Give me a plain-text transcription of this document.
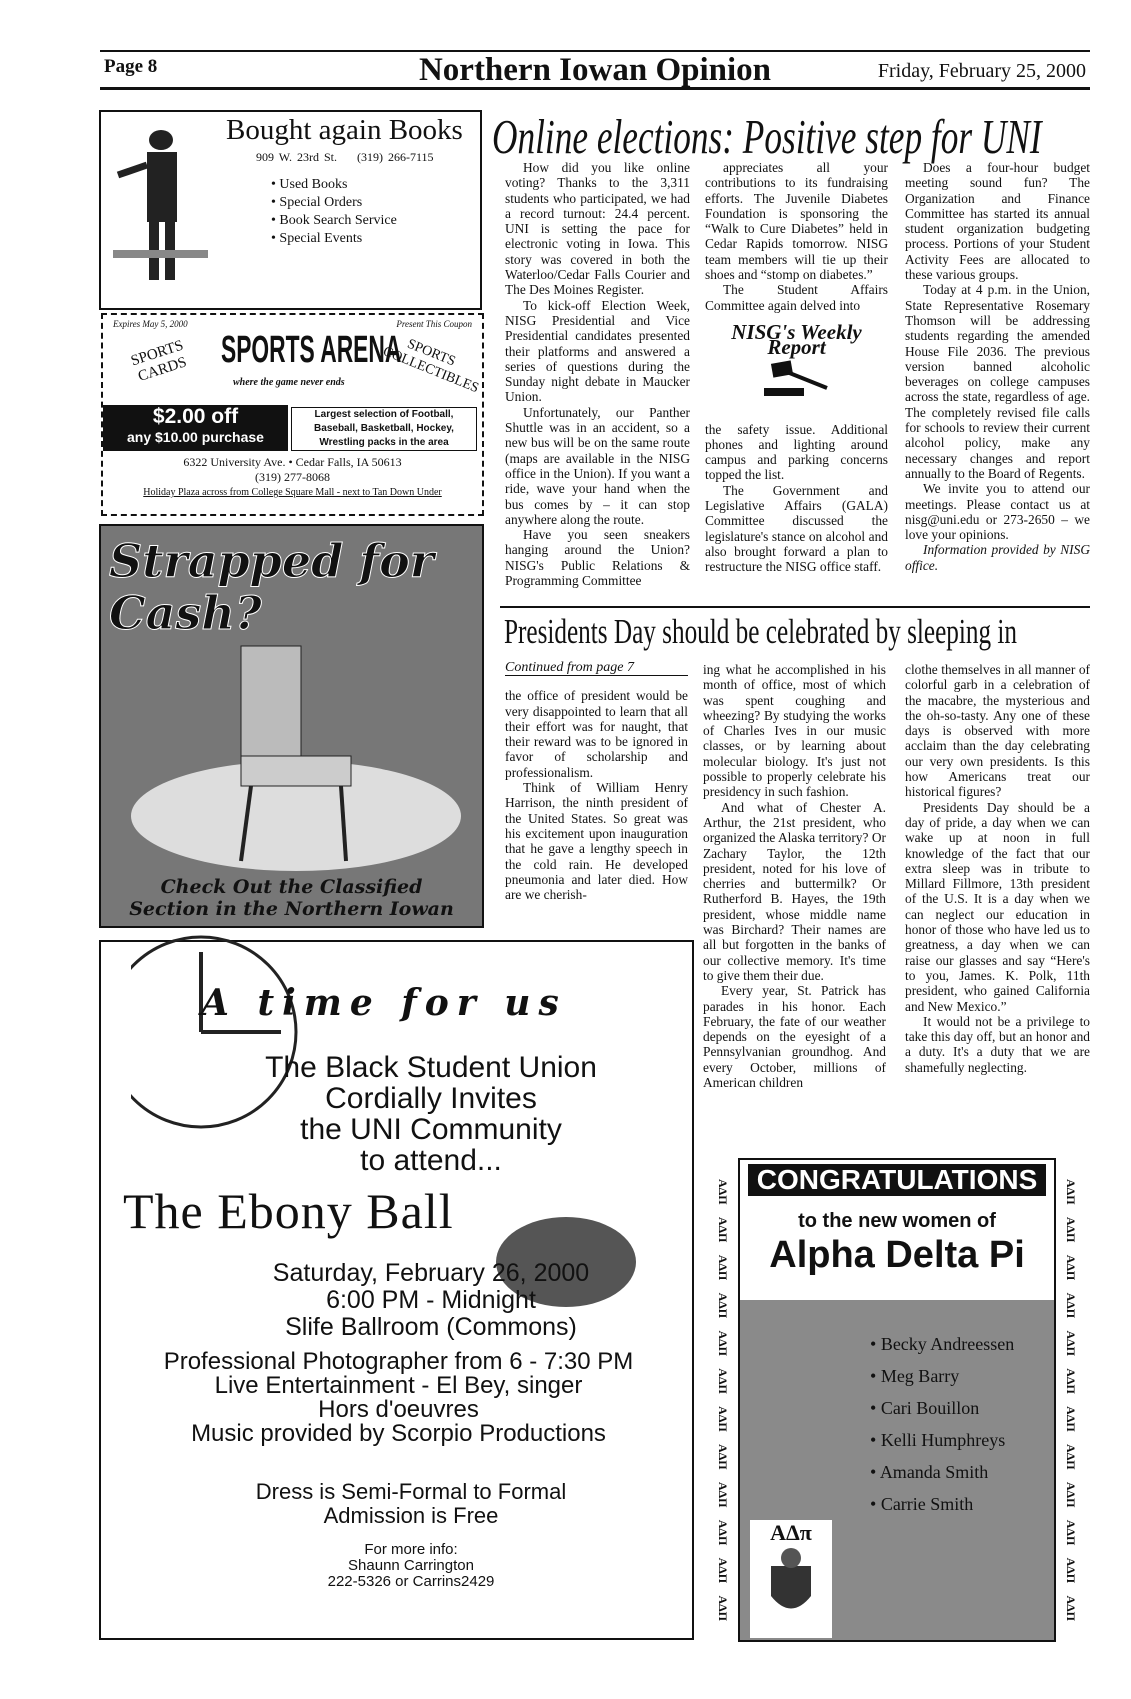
Page 8	Northern Iowan Opinion	Friday, February 25, 2000
Bought again Books
909 W. 23rd St. (319) 266-7115
• Used Books
• Special Orders
• Book Search Service
• Special Events
Expires May 5, 2000	Present This Coupon
SPORTS CARDS SPORTS ARENA
where the game never ends
SPORTS COLLECTIBLES
$2.00 off
any $10.00 purchase
Largest selection of Football, Baseball, Basketball, Hockey, Wrestling packs in the area
6322 University Ave. • Cedar Falls, IA 50613
(319) 277-8068
Holiday Plaza across from College Square Mall - next to Tan Down Under
Strapped for
Cash?
Check Out the Classified
Section in the Northern Iowan
A time for us
The Black Student Union
Cordially Invites
the UNI Community
to attend...
The Ebony Ball
Saturday, February 26, 2000
6:00 PM - Midnight
Slife Ballroom (Commons)
Professional Photographer from 6 - 7:30 PM
Live Entertainment - El Bey, singer
Hors d'oeuvres
Music provided by Scorpio Productions
Dress is Semi-Formal to Formal
Admission is Free
For more info:
Shaunn Carrington
222-5326 or Carrins2429
Online elections: Positive step for UNI

How did you like online voting? Thanks to the 3,311 students who participated, we had a record turnout: 24.4 percent. UNI is setting the pace for electronic voting in Iowa. This story was covered in both the Waterloo/Cedar Falls Courier and The Des Moines Register.

To kick-off Election Week, NISG Presidential and Vice Presidential candidates presented their platforms and answered a series of questions during the Sunday night debate in Maucker Union.

Unfortunately, our Panther Shuttle was in an accident, so a new bus will be on the same route (maps are available in the NISG office in the Union). If you want a ride, wave your hand when the bus comes by – it can stop anywhere along the route.

Have you seen sneakers hanging around the Union? NISG's Public Relations & Programming Committee

appreciates all your contributions to its fundraising efforts. The Juvenile Diabetes Foundation is sponsoring the “Walk to Cure Diabetes” held in Cedar Rapids tomorrow. NISG team members will tie up their shoes and “stomp on diabetes.”

The Student Affairs Committee again delved into

NISG's Weekly Report

the safety issue. Additional phones and lighting around campus and parking concerns topped the list.

The Government and Legislative Affairs (GALA) Committee discussed the legislature's stance on alcohol and also brought forward a plan to restructure the NISG office staff.

Does a four-hour budget meeting sound fun? The Organization and Finance Committee has started its annual student organization budgeting process. Portions of your Student Activity Fees are allocated to these various groups.

Today at 4 p.m. in the Union, State Representative Rosemary Thomson will be addressing students regarding the amended House File 2036. The previous version banned alcoholic beverages on college campuses across the state, regardless of age. The completely revised file calls for schools to review their current alcohol policy, make any necessary changes and report annually to the Board of Regents.

We invite you to attend our meetings. Please contact us at nisg@uni.edu or 273-2650 – we love your opinions.

Information provided by NISG office.

Presidents Day should be celebrated by sleeping in
Continued from page 7

the office of president would be very disappointed to learn that all their effort was for naught, that their reward was to be ignored in favor of scholarship and professionalism.

Think of William Henry Harrison, the ninth president of the United States. So great was his excitement upon inauguration that he gave a lengthy speech in the cold rain. He developed pneumonia and later died. How are we cherish-

ing what he accomplished in his month of office, most of which was spent coughing and wheezing? By studying the works of Charles Ives in our music classes, or by learning about molecular biology. It's just not possible to properly celebrate his presidency in such fashion.

And what of Chester A. Arthur, the 21st president, who organized the Alaska territory? Or Zachary Taylor, the 12th president, noted for his love of cherries and buttermilk? Or Rutherford B. Hayes, the 19th president, whose middle name was Birchard? Their names are all but forgotten in the banks of our collective memory. It's time to give them their due.

Every year, St. Patrick has parades in his honor. Each February, the fate of our weather depends on the eyesight of a Pennsylvanian groundhog. And every October, millions of American children

clothe themselves in all manner of colorful garb in a celebration of the macabre, the mysterious and the oh-so-tasty. Any one of these days is observed with more acclaim than the day celebrating our very own presidents. Is this how Americans treat our historical figures?

Presidents Day should be a day of pride, a day when we can wake up at noon in full knowledge of the fact that our extra sleep was in tribute to Millard Fillmore, 13th president of the U.S. It is a day when we can neglect our education in honor of those who have led us to greatness, a day when we can raise our glasses and say “Here's to you, James. K. Polk, 11th president, who gained California and New Mexico.”

It would not be a privilege to take this day off, but an honor and a duty. It's a duty that we are shamefully neglecting.

ΑΔΠ ΑΔΠ ΑΔΠ ΑΔΠ ΑΔΠ ΑΔΠ ΑΔΠ ΑΔΠ ΑΔΠ ΑΔΠ ΑΔΠ ΑΔΠ	ΑΔΠ ΑΔΠ ΑΔΠ ΑΔΠ ΑΔΠ ΑΔΠ ΑΔΠ ΑΔΠ ΑΔΠ ΑΔΠ ΑΔΠ ΑΔΠ
CONGRATULATIONS
to the new women of
Alpha Delta Pi
• Becky Andreessen
• Meg Barry
• Cari Bouillon
• Kelli Humphreys
• Amanda Smith
• Carrie Smith
ΑΔπ
